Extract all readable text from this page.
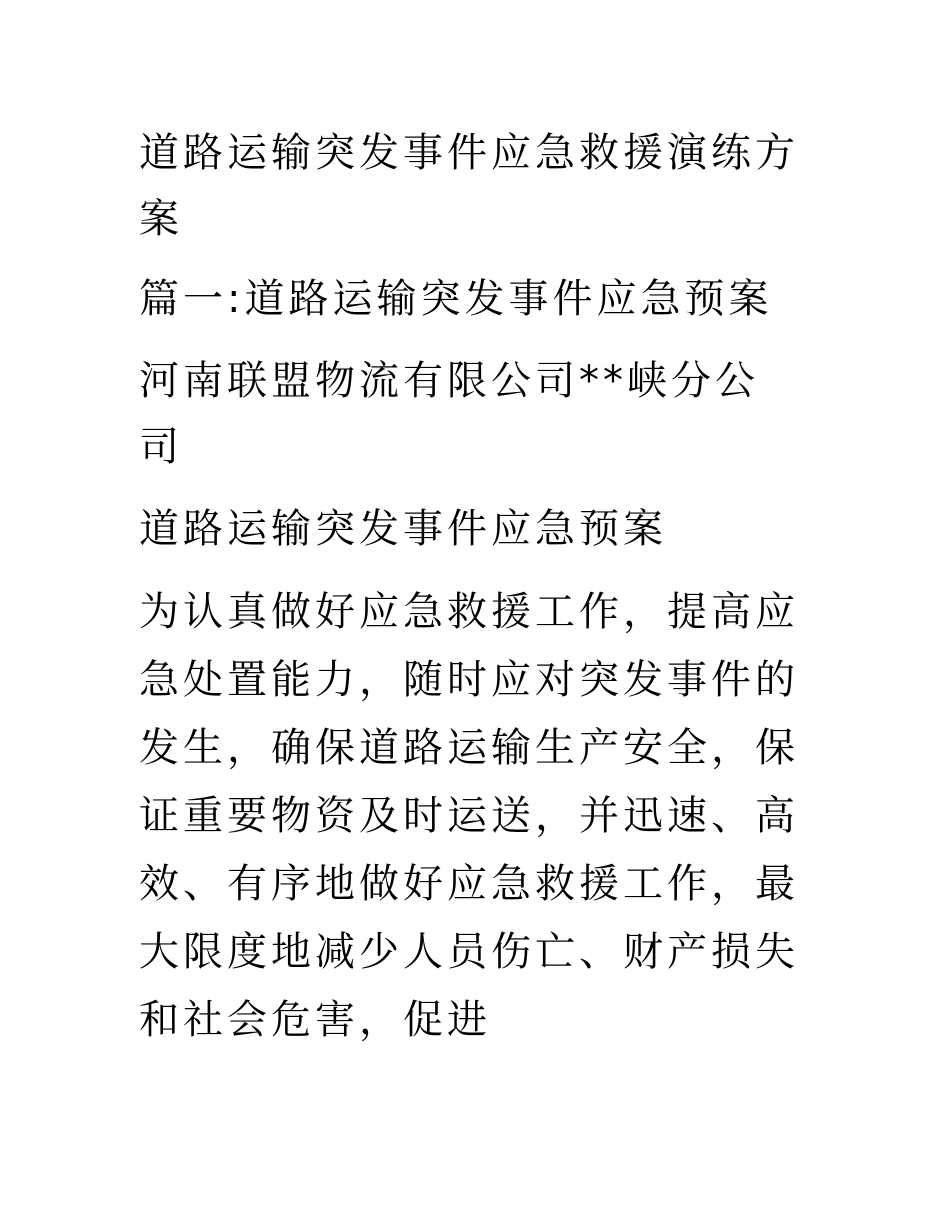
道路运输突发事件应急救援演练方案

篇一:道路运输突发事件应急预案

河南联盟物流有限公司**峡分公司

道路运输突发事件应急预案

为认真做好应急救援工作，提高应急处置能力，随时应对突发事件的发生，确保道路运输生产安全，保证重要物资及时运送，并迅速、高效、有序地做好应急救援工作，最大限度地减少人员伤亡、财产损失和社会危害，促进
